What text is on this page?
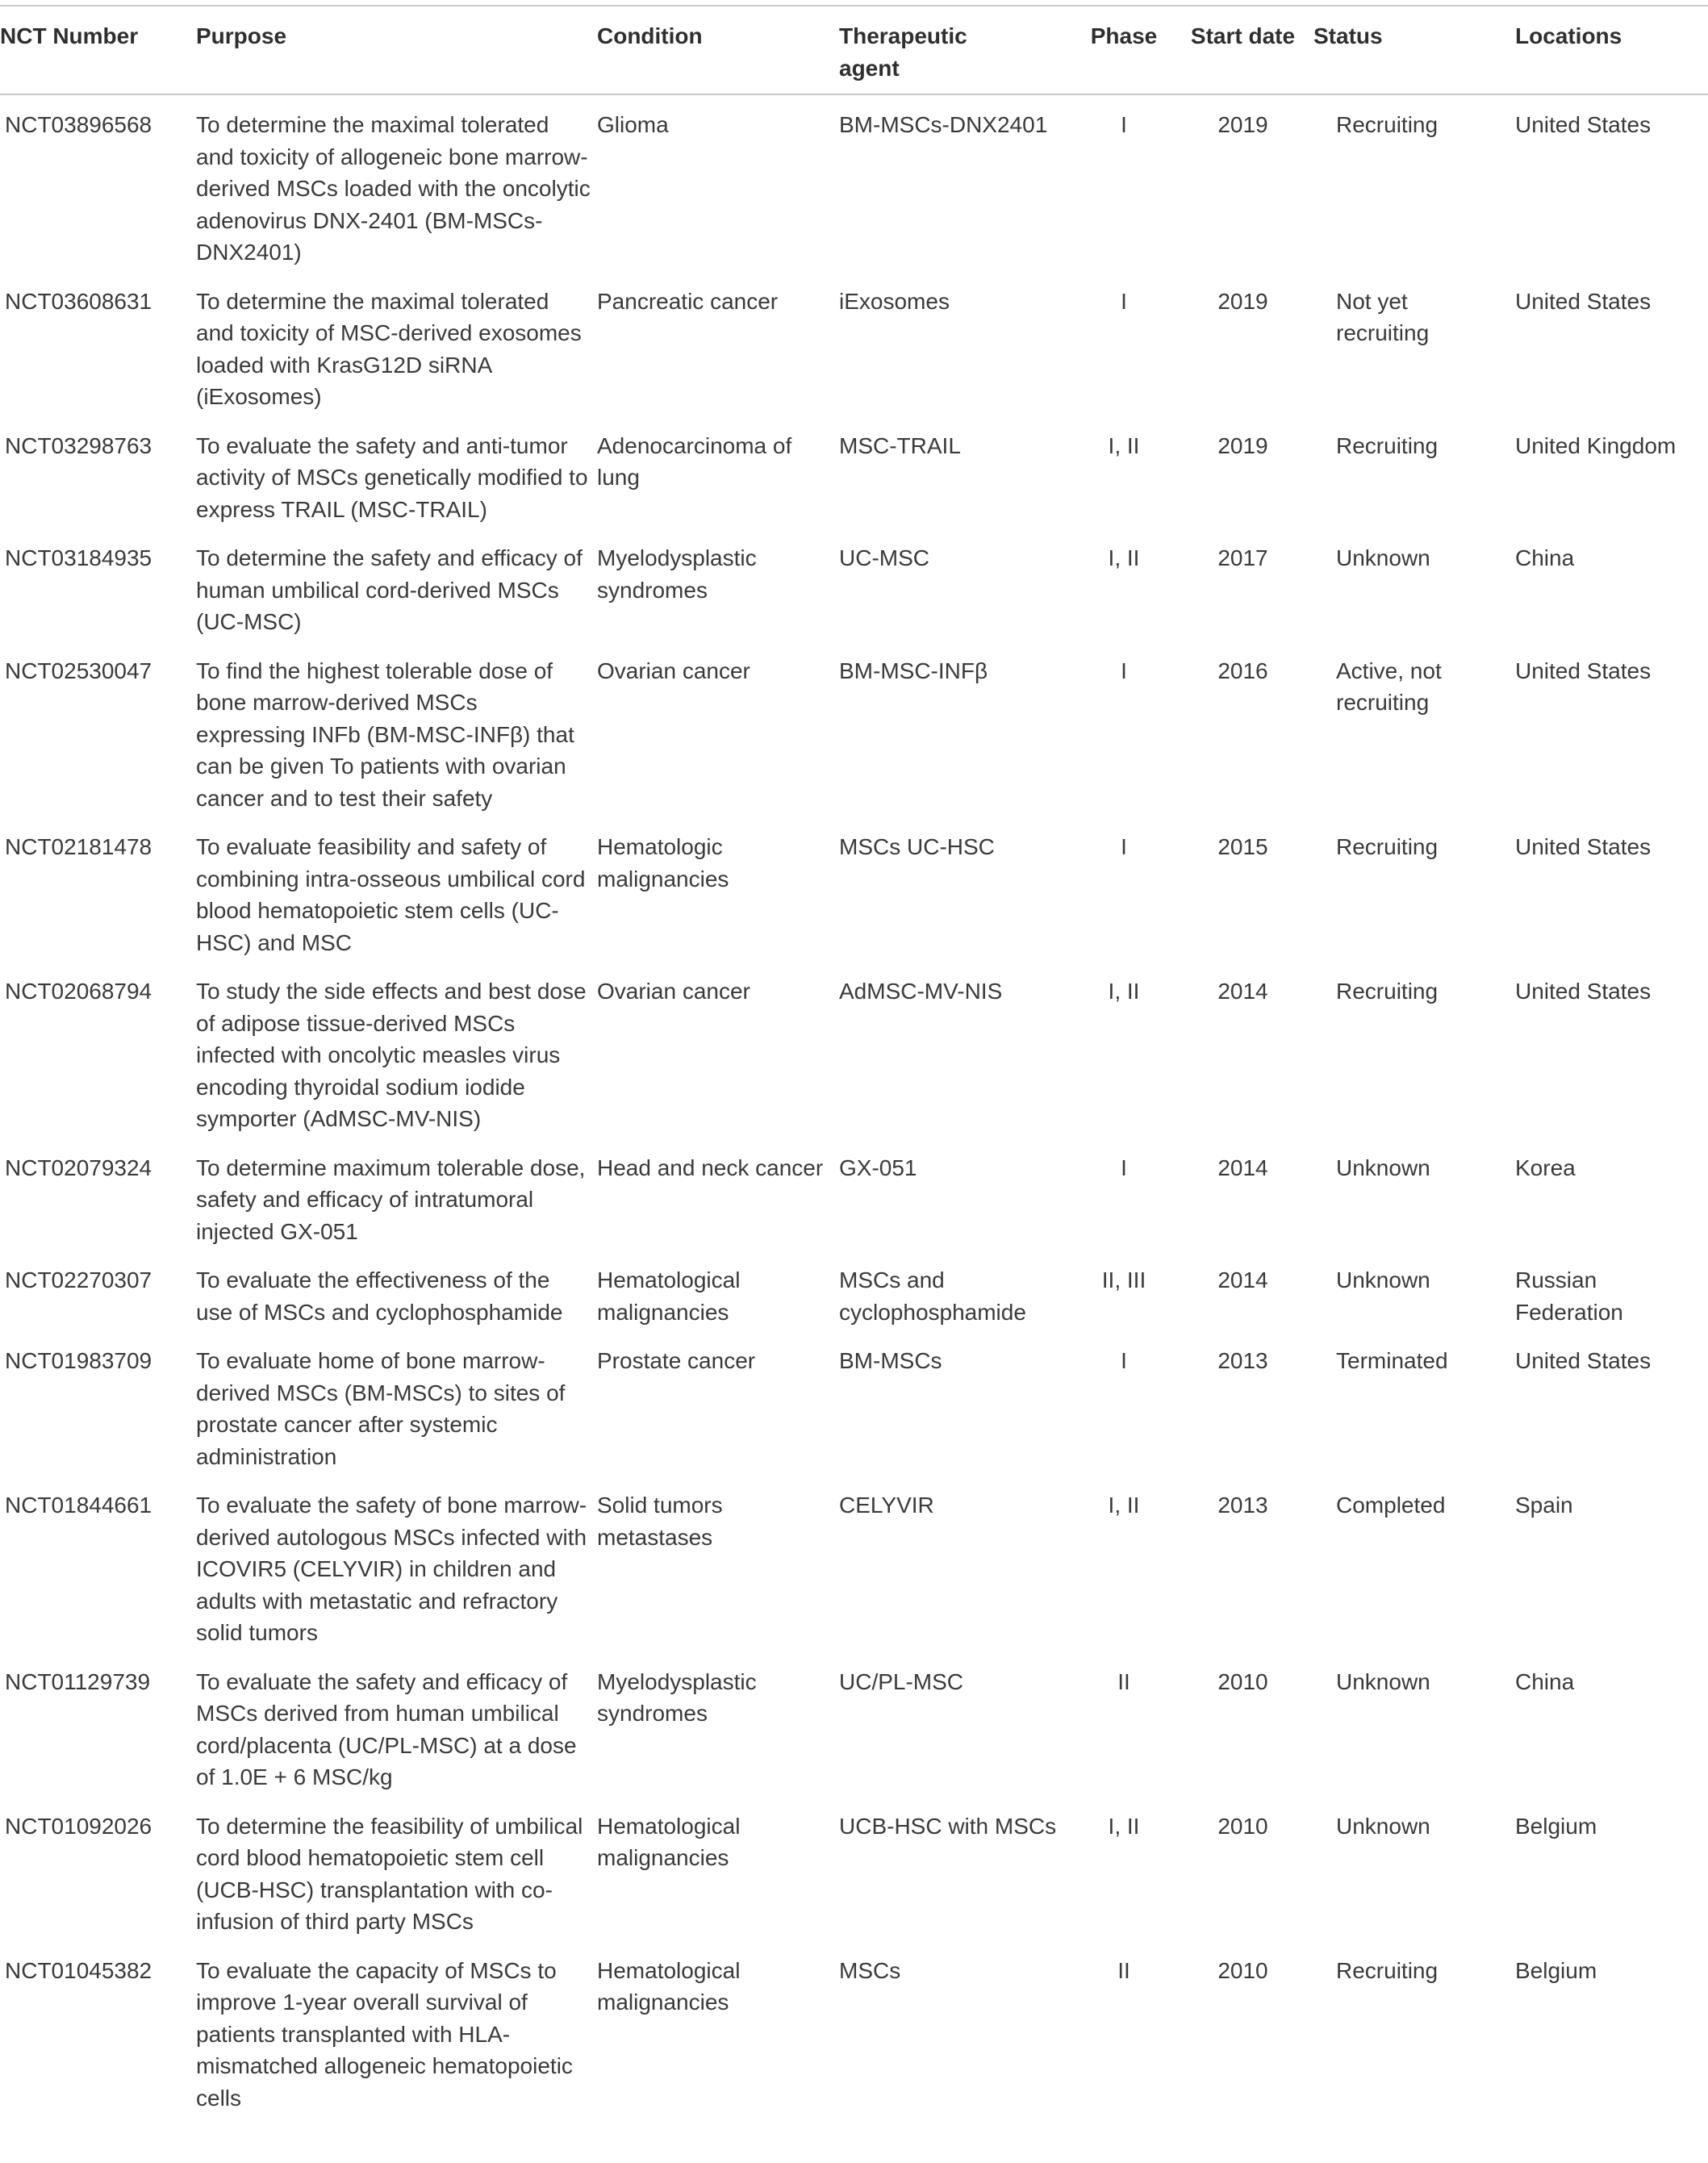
NCT Number	Purpose	Condition	Therapeutic agent	Phase	Start date	Status	Locations

NCT03896568	To determine the maximal tolerated and toxicity of allogeneic bone marrow-derived MSCs loaded with the oncolytic adenovirus DNX-2401 (BM-MSCs-DNX2401)	Glioma	BM-MSCs-DNX2401	I	2019	Recruiting	United States

NCT03608631	To determine the maximal tolerated and toxicity of MSC-derived exosomes loaded with KrasG12D siRNA (iExosomes)	Pancreatic cancer	iExosomes	I	2019	Not yet recruiting	United States

NCT03298763	To evaluate the safety and anti-tumor activity of MSCs genetically modified to express TRAIL (MSC-TRAIL)	Adenocarcinoma of lung	MSC-TRAIL	I, II	2019	Recruiting	United Kingdom

NCT03184935	To determine the safety and efficacy of human umbilical cord-derived MSCs (UC-MSC)	Myelodysplastic syndromes	UC-MSC	I, II	2017	Unknown	China

NCT02530047	To find the highest tolerable dose of bone marrow-derived MSCs expressing INFb (BM-MSC-INFβ) that can be given To patients with ovarian cancer and to test their safety	Ovarian cancer	BM-MSC-INFβ	I	2016	Active, not recruiting	United States

NCT02181478	To evaluate feasibility and safety of combining intra-osseous umbilical cord blood hematopoietic stem cells (UC-HSC) and MSC	Hematologic malignancies	MSCs UC-HSC	I	2015	Recruiting	United States

NCT02068794	To study the side effects and best dose of adipose tissue-derived MSCs infected with oncolytic measles virus encoding thyroidal sodium iodide symporter (AdMSC-MV-NIS)	Ovarian cancer	AdMSC-MV-NIS	I, II	2014	Recruiting	United States

NCT02079324	To determine maximum tolerable dose, safety and efficacy of intratumoral injected GX-051	Head and neck cancer	GX-051	I	2014	Unknown	Korea

NCT02270307	To evaluate the effectiveness of the use of MSCs and cyclophosphamide	Hematological malignancies	MSCs and cyclophosphamide	II, III	2014	Unknown	Russian Federation

NCT01983709	To evaluate home of bone marrow-derived MSCs (BM-MSCs) to sites of prostate cancer after systemic administration	Prostate cancer	BM-MSCs	I	2013	Terminated	United States

NCT01844661	To evaluate the safety of bone marrow-derived autologous MSCs infected with ICOVIR5 (CELYVIR) in children and adults with metastatic and refractory solid tumors	Solid tumors metastases	CELYVIR	I, II	2013	Completed	Spain

NCT01129739	To evaluate the safety and efficacy of MSCs derived from human umbilical cord/placenta (UC/PL-MSC) at a dose of 1.0E + 6 MSC/kg	Myelodysplastic syndromes	UC/PL-MSC	II	2010	Unknown	China

NCT01092026	To determine the feasibility of umbilical cord blood hematopoietic stem cell (UCB-HSC) transplantation with co-infusion of third party MSCs	Hematological malignancies	UCB-HSC with MSCs	I, II	2010	Unknown	Belgium

NCT01045382	To evaluate the capacity of MSCs to improve 1-year overall survival of patients transplanted with HLA-mismatched allogeneic hematopoietic cells	Hematological malignancies	MSCs	II	2010	Recruiting	Belgium
